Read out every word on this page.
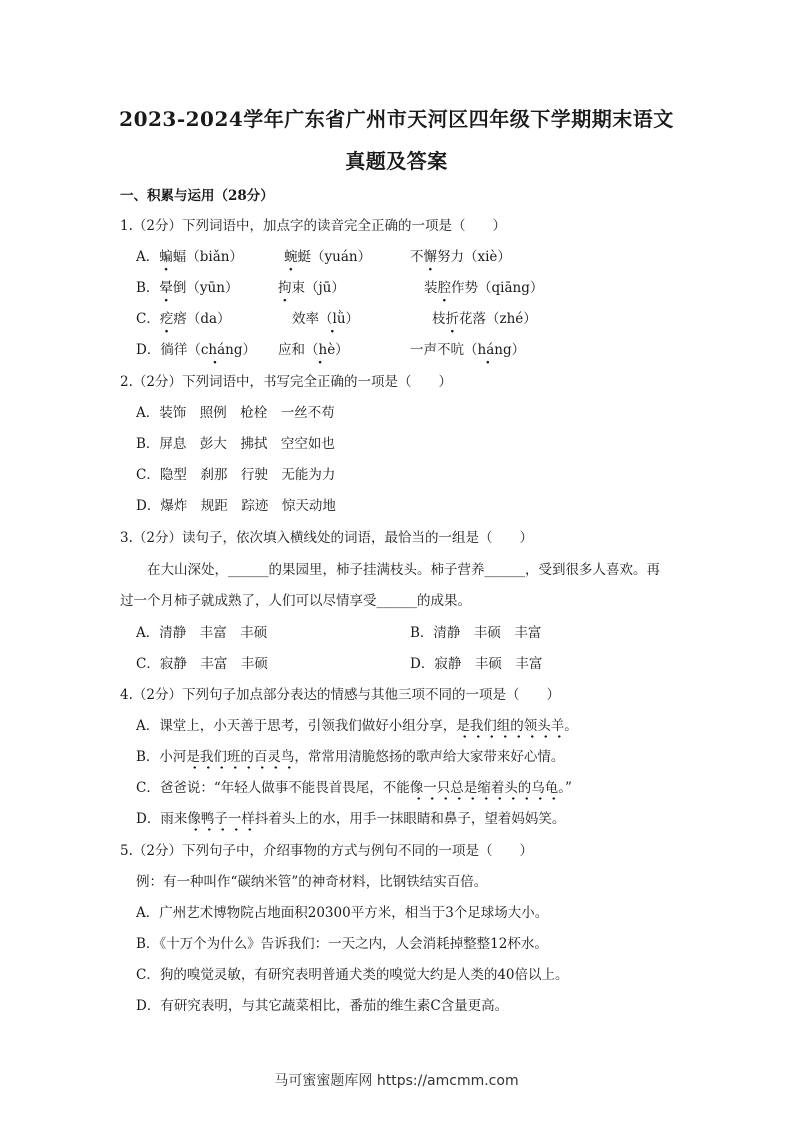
2023-2024学年广东省广州市天河区四年级下学期期末语文
真题及答案
一、积累与运用（28分）
1.（2分）下列词语中，加点字的读音完全正确的一项是（　　）
A．蝙蝠（biǎn）	蜿蜓（yuán）	不懈努力（xiè）
B．晕倒（yūn）	拘束（jū）	装腔作势（qiāng）
C．疙瘩（da）	效率（lǜ） ·	枝折花落（zhé）
D．徜徉（cháng） · 应和（hè） ·	一声不吭（háng） ·
2.（2分）下列词语中，书写完全正确的一项是（　　）
A．装饰　照例　枪栓　一丝不苟
B．屏息　彭大　拂拭　空空如也
C．隐型　刹那　行驶　无能为力
D．爆炸　规距　踪迹　惊天动地
3.（2分）读句子，依次填入横线处的词语，最恰当的一组是（　　）
在大山深处，______的果园里，柿子挂满枝头。柿子营养______，受到很多人喜欢。再
过一个月柿子就成熟了，人们可以尽情享受______的成果。
A．清静　丰富　丰硕	B．清静　丰硕　丰富
C．寂静　丰富　丰硕	D．寂静　丰硕　丰富
4.（2分）下列句子加点部分表达的情感与其他三项不同的一项是（　　）
A．课堂上，小天善于思考，引领我们做好小组分享，是我们组的领头羊。
B．小河是我们班的百灵鸟，常常用清脆悠扬的歌声给大家带来好心情。
C．爸爸说：“年轻人做事不能畏首畏尾，不能像一只总是缩着头的乌龟。”
D．雨来像鸭子一样抖着头上的水，用手一抹眼睛和鼻子，望着妈妈笑。
5.（2分）下列句子中，介绍事物的方式与例句不同的一项是（　　）
例：有一种叫作“碳纳米管”的神奇材料，比钢铁结实百倍。
A．广州艺术博物院占地面积20300平方米，相当于3个足球场大小。
B．《十万个为什么》告诉我们：一天之内，人会消耗掉整整12杯水。
C．狗的嗅觉灵敏，有研究表明普通犬类的嗅觉大约是人类的40倍以上。
D．有研究表明，与其它蔬菜相比，番茄的维生素C含量更高。
马可蜜蜜题库网 https://amcmm.com
